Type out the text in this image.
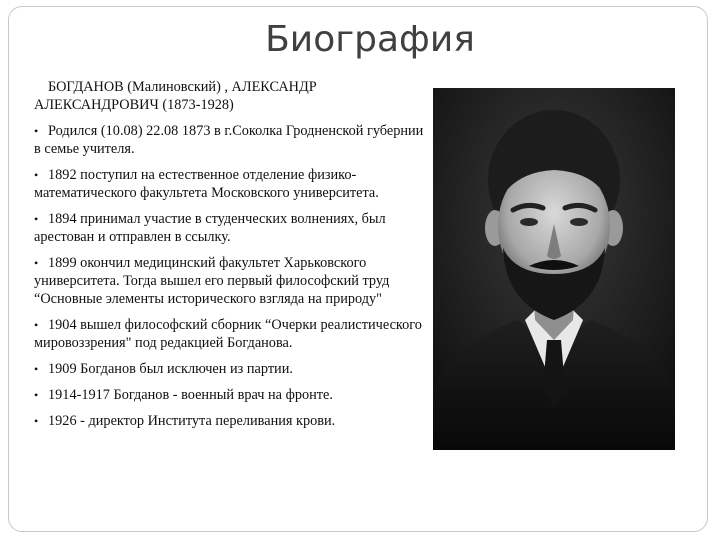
Биография

БОГДАНОВ (Малиновский) , АЛЕКСАНДР АЛЕКСАНДРОВИЧ (1873-1928)

• Родился (10.08) 22.08 1873 в г.Соколка Гродненской губернии в семье учителя.
• 1892 поступил на естественное отделение физико-математического факультета Московского университета.
• 1894 принимал участие в студенческих волнениях, был арестован и отправлен в ссылку.
• 1899 окончил медицинский факультет Харьковского университета. Тогда вышел его первый философский труд “Основные элементы исторического взгляда на природу"
• 1904 вышел философский сборник “Очерки реалистического мировоззрения" под редакцией Богданова.
• 1909 Богданов был исключен из партии.
• 1914-1917 Богданов - военный врач на фронте.
• 1926 - директор Института переливания крови.
